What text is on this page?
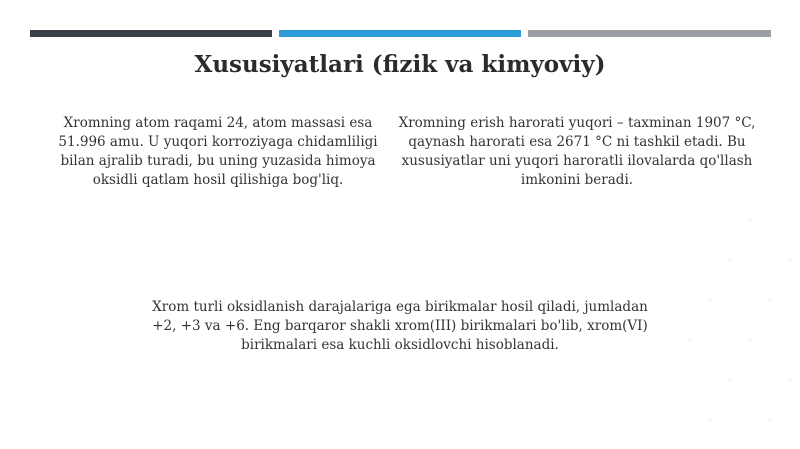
Xususiyatlari (fizik va kimyoviy)
Xromning atom raqami 24, atom massasi esa 51.996 amu. U yuqori korroziyaga chidamliligi bilan ajralib turadi, bu uning yuzasida himoya oksidli qatlam hosil qilishiga bog'liq.
Xromning erish harorati yuqori – taxminan 1907 °C, qaynash harorati esa 2671 °C ni tashkil etadi. Bu xususiyatlar uni yuqori haroratli ilovalarda qo'llash imkonini beradi.
Xrom turli oksidlanish darajalariga ega birikmalar hosil qiladi, jumladan +2, +3 va +6. Eng barqaror shakli xrom(III) birikmalari bo'lib, xrom(VI) birikmalari esa kuchli oksidlovchi hisoblanadi.
